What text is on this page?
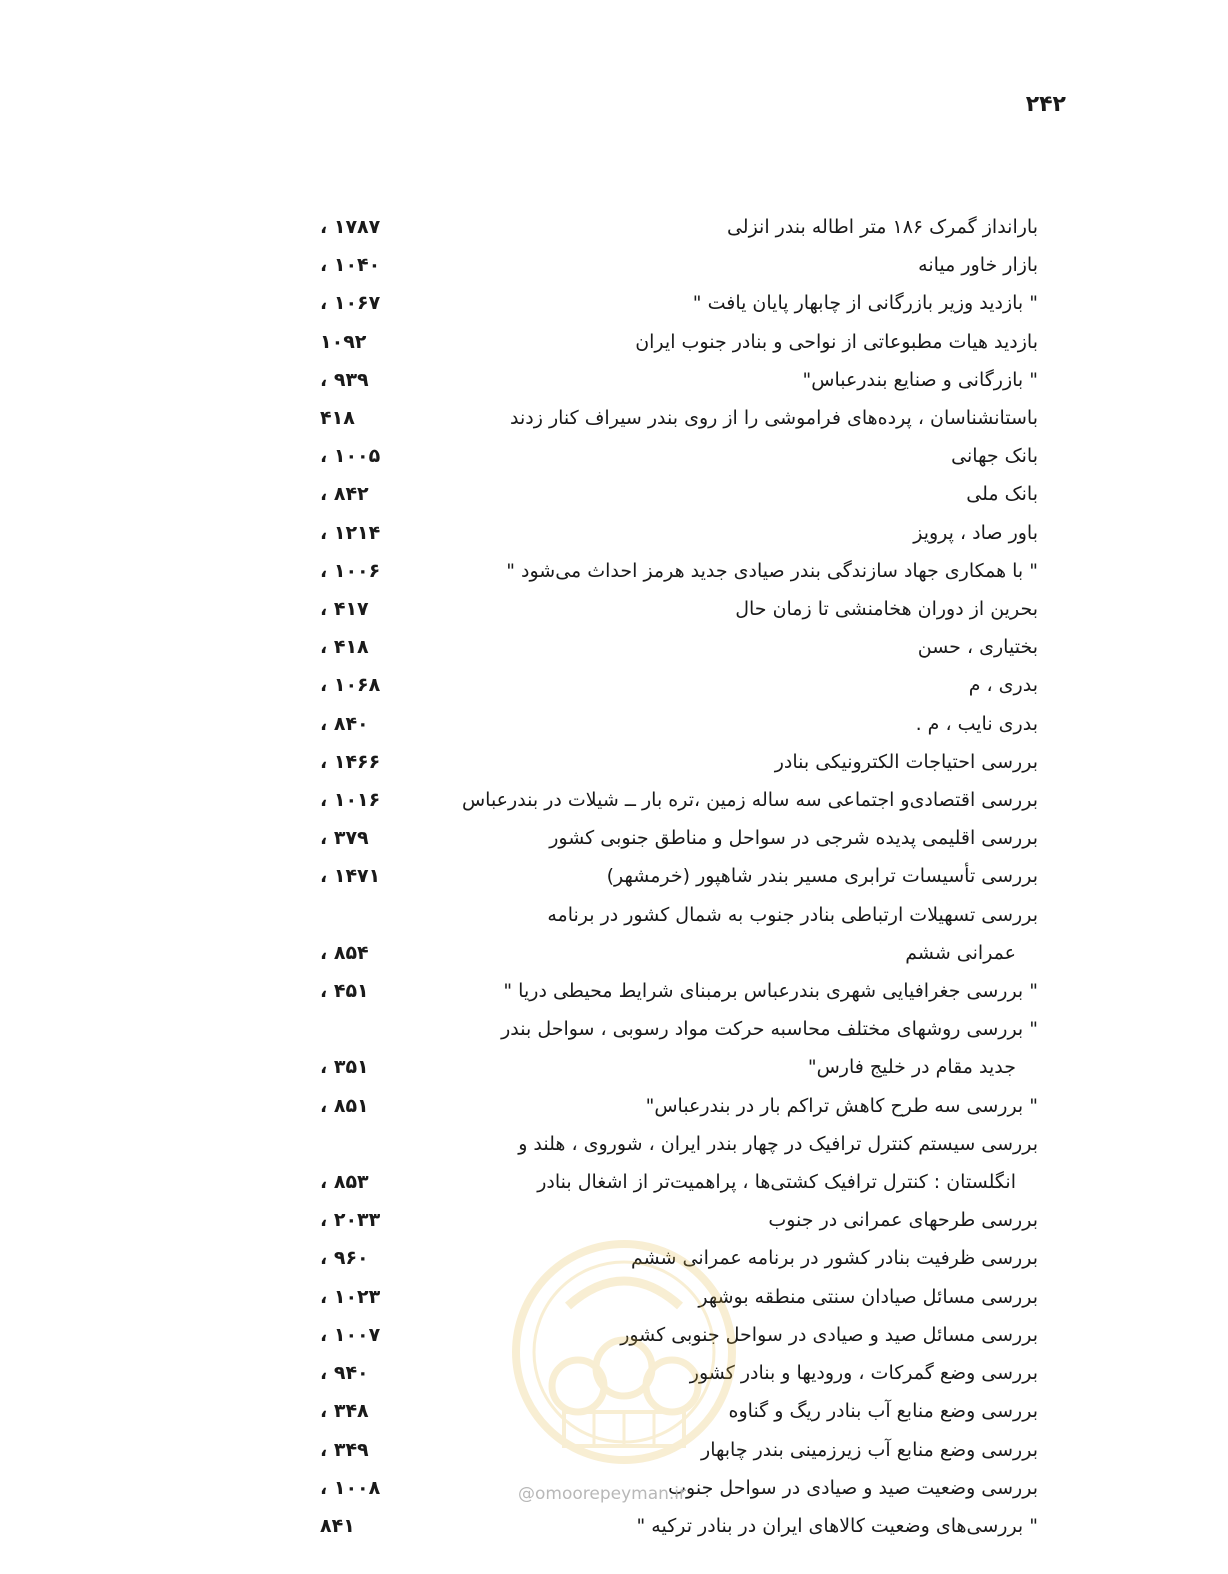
۲۴۲
بارانداز گمرک ۱۸۶ متر اطاله بندر انزلی
۱۷۸۷ ،
بازار خاور میانه
۱۰۴۰ ،
" بازدید وزیر بازرگانی از چابهار پایان یافت "
۱۰۶۷ ،
بازدید هیات مطبوعاتی از نواحی و بنادر جنوب ایران
۱۰۹۲
" بازرگانی و صنایع بندرعباس"
۹۳۹ ،
باستانشناسان ، پرده‌های فراموشی را از روی بندر سیراف کنار زدند
۴۱۸
بانک جهانی
۱۰۰۵ ،
بانک ملی
۸۴۲ ،
باور صاد ، پرویز
۱۲۱۴ ،
" با همکاری جهاد سازندگی بندر صیادی جدید هرمز احداث می‌شود "
۱۰۰۶ ،
بحرین از دوران هخامنشی تا زمان حال
۴۱۷ ،
بختیاری ، حسن
۴۱۸ ،
بدری ، م
۱۰۶۸ ،
بدری نایب ، م .
۸۴۰ ،
بررسی احتیاجات الکترونیکی بنادر
۱۴۶۶ ،
بررسی اقتصادی‌و اجتماعی سه ساله زمین ،تره بار ــ شیلات در بندرعباس
۱۰۱۶ ،
بررسی اقلیمی پدیده شرجی در سواحل و مناطق جنوبی کشور
۳۷۹ ،
بررسی تأسیسات ترابری مسیر بندر شاهپور (خرمشهر)
۱۴۷۱ ،
بررسی تسهیلات ارتباطی بنادر جنوب به شمال کشور در برنامه
عمرانی ششم
۸۵۴ ،
" بررسی جغرافیایی شهری بندرعباس برمبنای شرایط محیطی دریا "
۴۵۱ ،
" بررسی روشهای مختلف محاسبه حرکت مواد رسوبی ، سواحل بندر
جدید مقام در خلیج فارس"
۳۵۱ ،
" بررسی سه طرح کاهش تراکم بار در بندرعباس"
۸۵۱ ،
بررسی سیستم کنترل ترافیک در چهار بندر ایران ، شوروی ، هلند و
انگلستان : کنترل ترافیک کشتی‌ها ، پراهمیت‌تر از اشغال بنادر
۸۵۳ ،
بررسی طرحهای عمرانی در جنوب
۲۰۳۳ ،
بررسی ظرفیت بنادر کشور در برنامه عمرانی ششم
۹۶۰ ،
بررسی مسائل صیادان سنتی منطقه بوشهر
۱۰۲۳ ،
بررسی مسائل صید و صیادی در سواحل جنوبی کشور
۱۰۰۷ ،
بررسی وضع گمرکات ، ورودیها و بنادر کشور
۹۴۰ ،
بررسی وضع منابع آب بنادر ریگ و گناوه
۳۴۸ ،
بررسی وضع منابع آب زیرزمینی بندر چابهار
۳۴۹ ،
بررسی وضعیت صید و صیادی در سواحل جنوب
۱۰۰۸ ،
" بررسی‌های وضعیت کالاهای ایران در بنادر ترکیه "
۸۴۱
@omoorepeyman.ir
